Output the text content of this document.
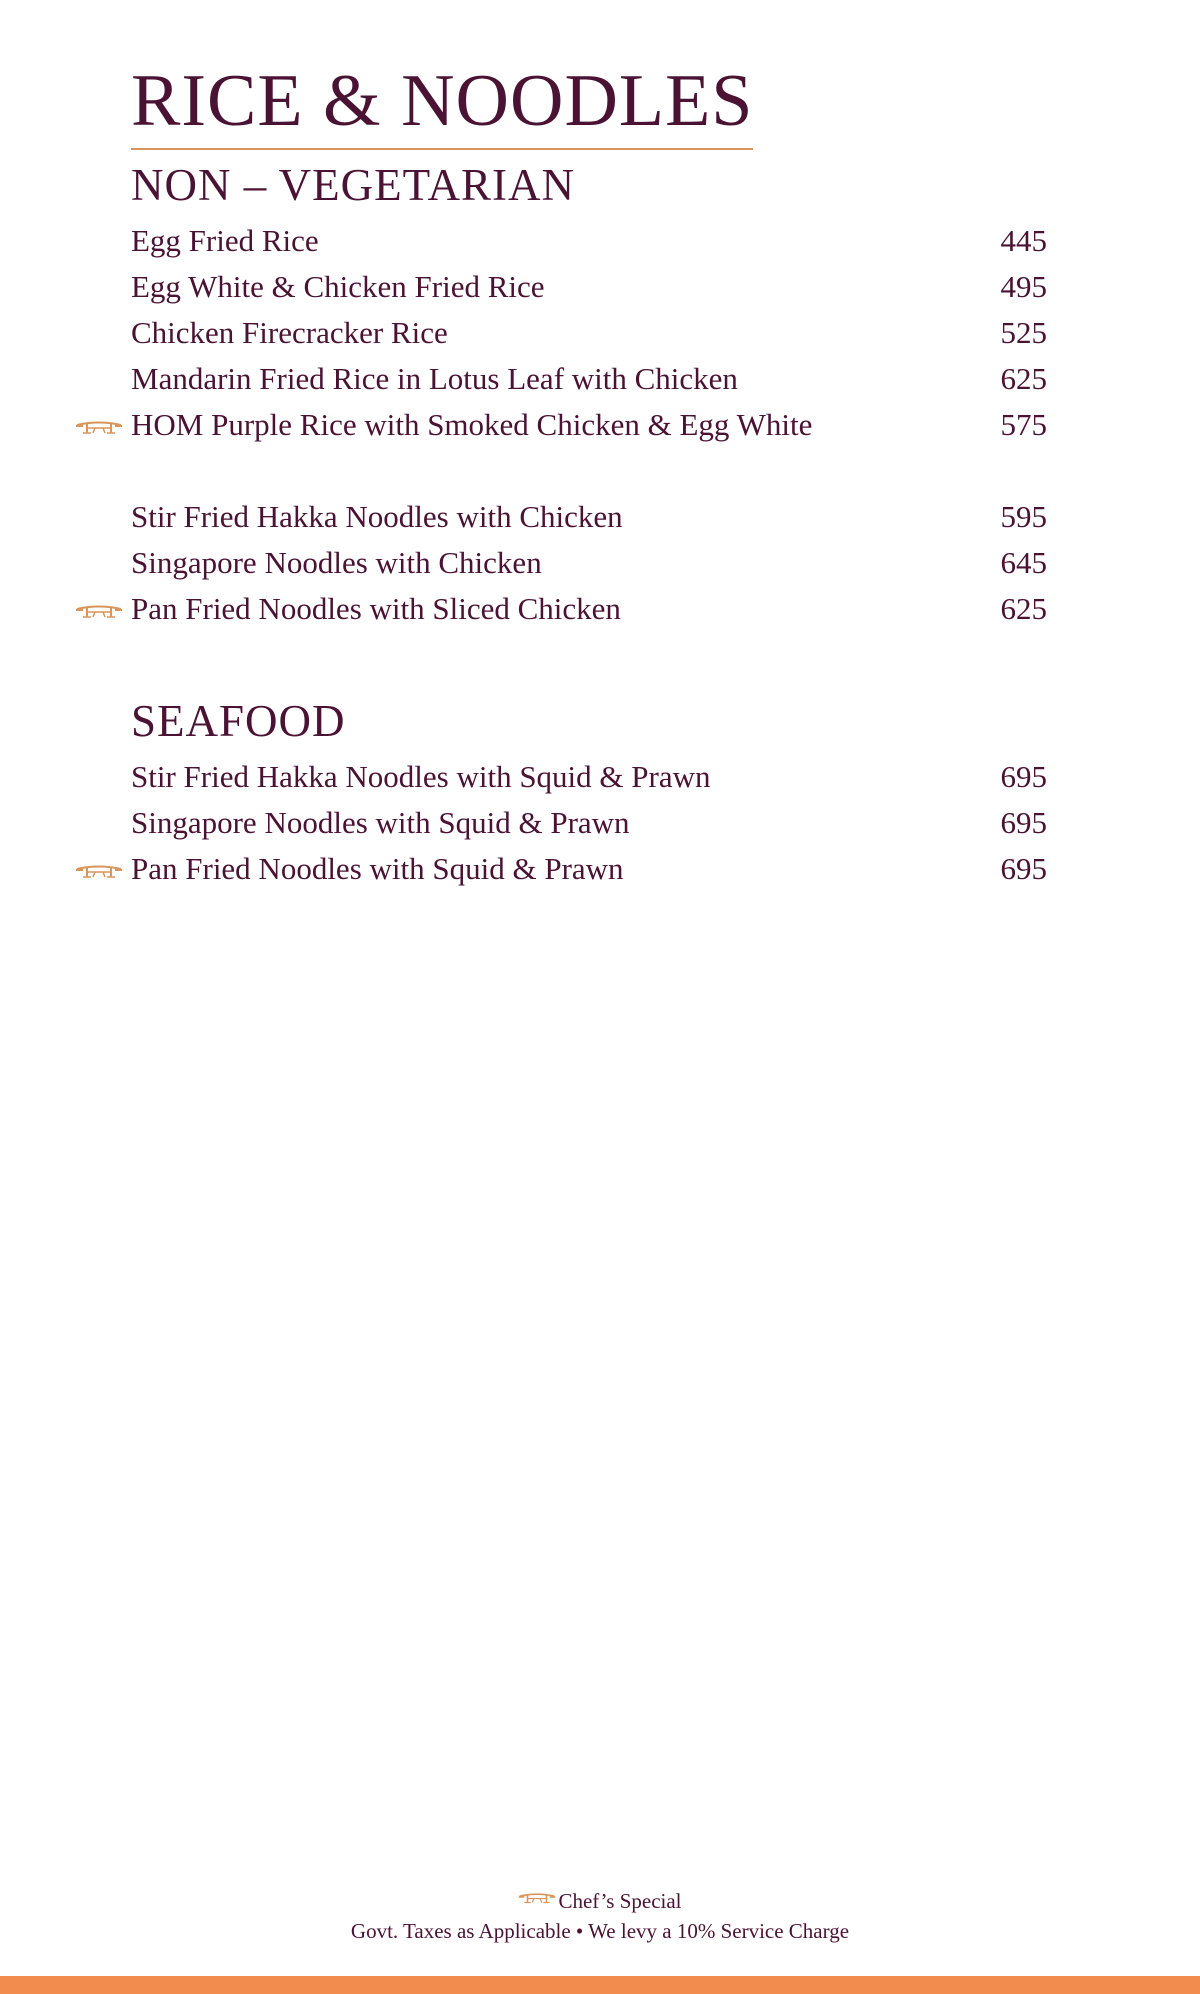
RICE & NOODLES
NON – VEGETARIAN
Egg Fried Rice	445
Egg White & Chicken Fried Rice	495
Chicken Firecracker Rice	525
Mandarin Fried Rice in Lotus Leaf with Chicken	625
HOM Purple Rice with Smoked Chicken & Egg White	575
Stir Fried Hakka Noodles with Chicken	595
Singapore Noodles with Chicken	645
Pan Fried Noodles with Sliced Chicken	625
SEAFOOD
Stir Fried Hakka Noodles with Squid & Prawn	695
Singapore Noodles with Squid & Prawn	695
Pan Fried Noodles with Squid & Prawn	695
Chef’s Special
Govt. Taxes as Applicable • We levy a 10% Service Charge
